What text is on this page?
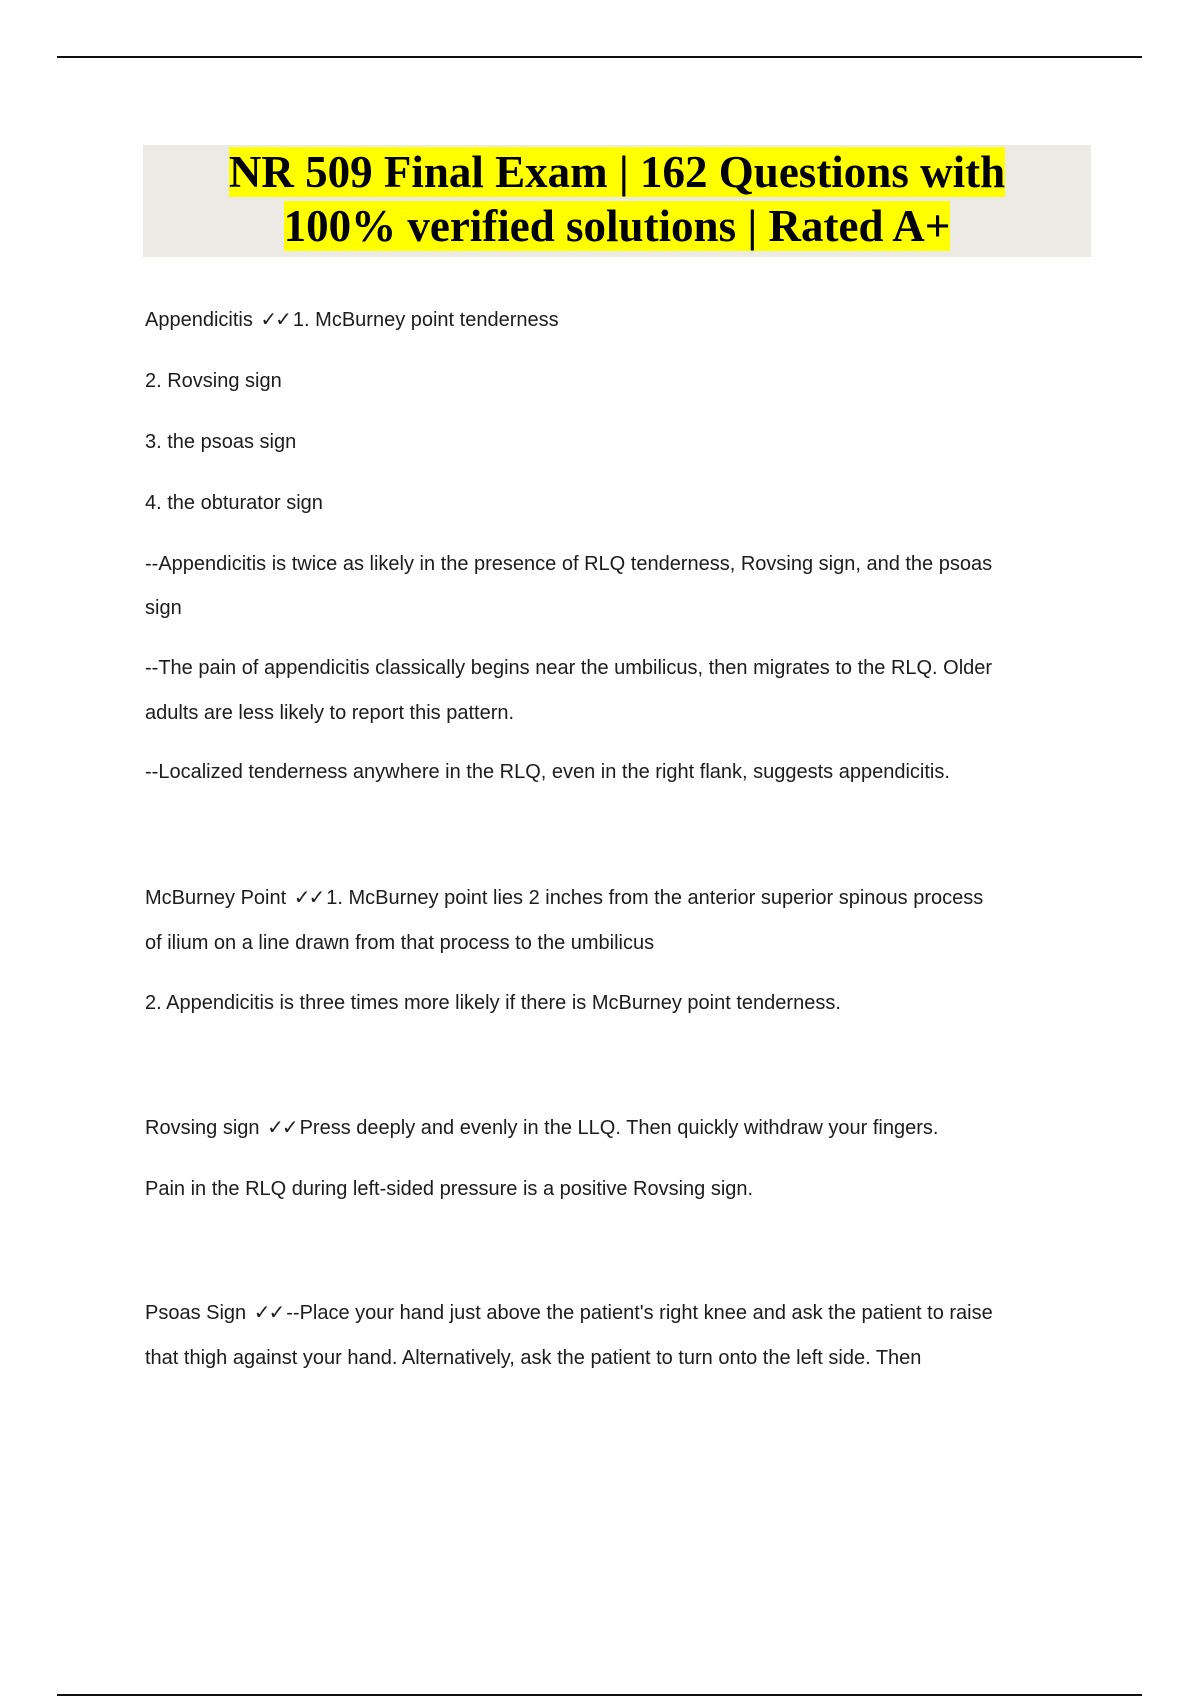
NR 509 Final Exam | 162 Questions with
100% verified solutions | Rated A+
Appendicitis ✓✓ 1. McBurney point tenderness
2. Rovsing sign
3. the psoas sign
4. the obturator sign
--Appendicitis is twice as likely in the presence of RLQ tenderness, Rovsing sign, and the psoas
sign
--The pain of appendicitis classically begins near the umbilicus, then migrates to the RLQ. Older
adults are less likely to report this pattern.
--Localized tenderness anywhere in the RLQ, even in the right flank, suggests appendicitis.
McBurney Point ✓✓ 1. McBurney point lies 2 inches from the anterior superior spinous process
of ilium on a line drawn from that process to the umbilicus
2. Appendicitis is three times more likely if there is McBurney point tenderness.
Rovsing sign ✓✓ Press deeply and evenly in the LLQ. Then quickly withdraw your fingers.
Pain in the RLQ during left-sided pressure is a positive Rovsing sign.
Psoas Sign ✓✓ --Place your hand just above the patient's right knee and ask the patient to raise
that thigh against your hand. Alternatively, ask the patient to turn onto the left side. Then
